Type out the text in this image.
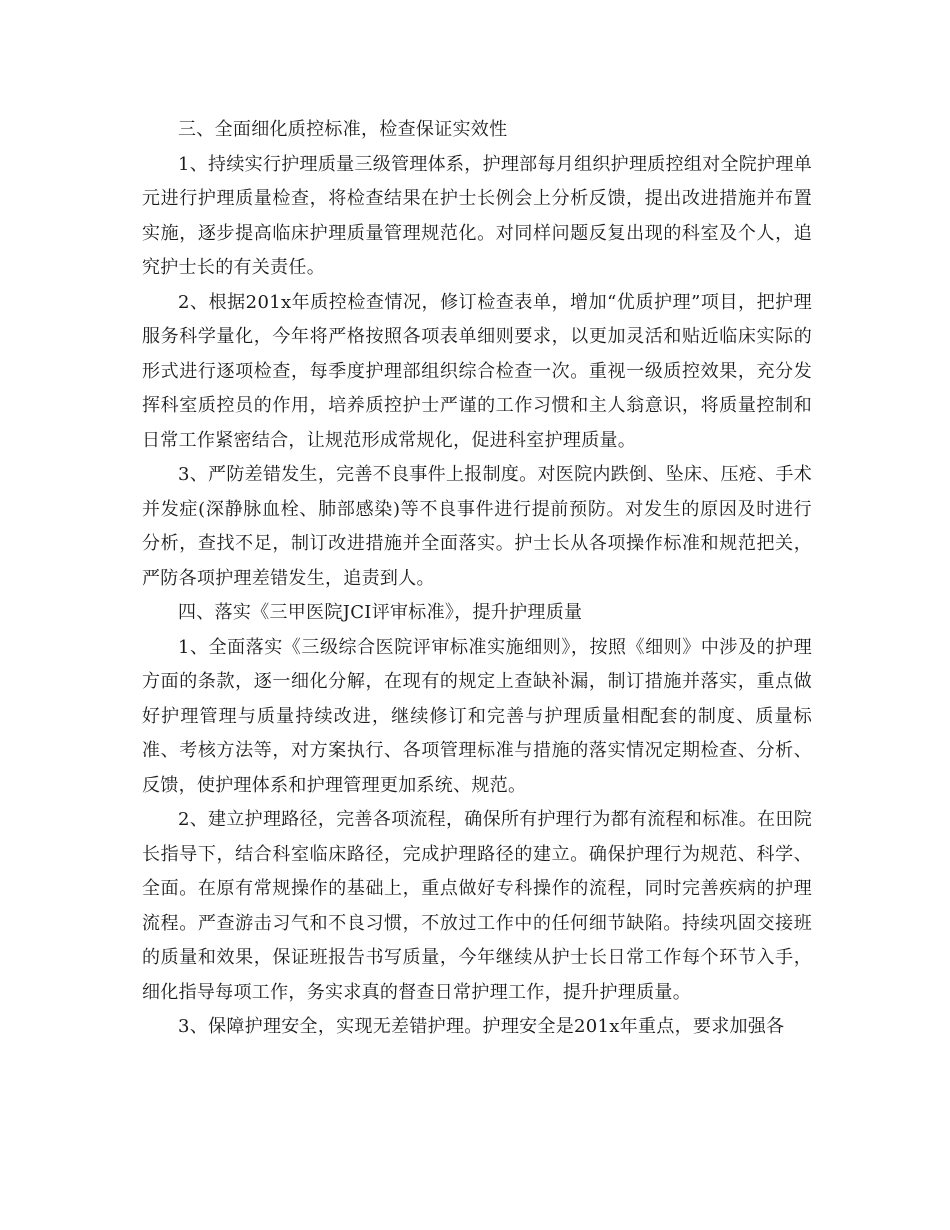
三、全面细化质控标准，检查保证实效性

1、持续实行护理质量三级管理体系，护理部每月组织护理质控组对全院护理单元进行护理质量检查，将检查结果在护士长例会上分析反馈，提出改进措施并布置实施，逐步提高临床护理质量管理规范化。对同样问题反复出现的科室及个人，追究护士长的有关责任。

2、根据201x年质控检查情况，修订检查表单，增加“优质护理”项目，把护理服务科学量化，今年将严格按照各项表单细则要求，以更加灵活和贴近临床实际的形式进行逐项检查，每季度护理部组织综合检查一次。重视一级质控效果，充分发挥科室质控员的作用，培养质控护士严谨的工作习惯和主人翁意识，将质量控制和日常工作紧密结合，让规范形成常规化，促进科室护理质量。

3、严防差错发生，完善不良事件上报制度。对医院内跌倒、坠床、压疮、手术并发症(深静脉血栓、肺部感染)等不良事件进行提前预防。对发生的原因及时进行分析，查找不足，制订改进措施并全面落实。护士长从各项操作标准和规范把关，严防各项护理差错发生，追责到人。

四、落实《三甲医院JCI评审标准》，提升护理质量

1、全面落实《三级综合医院评审标准实施细则》，按照《细则》中涉及的护理方面的条款，逐一细化分解，在现有的规定上查缺补漏，制订措施并落实，重点做好护理管理与质量持续改进，继续修订和完善与护理质量相配套的制度、质量标准、考核方法等，对方案执行、各项管理标准与措施的落实情况定期检查、分析、反馈，使护理体系和护理管理更加系统、规范。

2、建立护理路径，完善各项流程，确保所有护理行为都有流程和标准。在田院长指导下，结合科室临床路径，完成护理路径的建立。确保护理行为规范、科学、全面。在原有常规操作的基础上，重点做好专科操作的流程，同时完善疾病的护理流程。严查游击习气和不良习惯，不放过工作中的任何细节缺陷。持续巩固交接班的质量和效果，保证班报告书写质量，今年继续从护士长日常工作每个环节入手，细化指导每项工作，务实求真的督查日常护理工作，提升护理质量。

3、保障护理安全，实现无差错护理。护理安全是201x年重点，要求加强各
